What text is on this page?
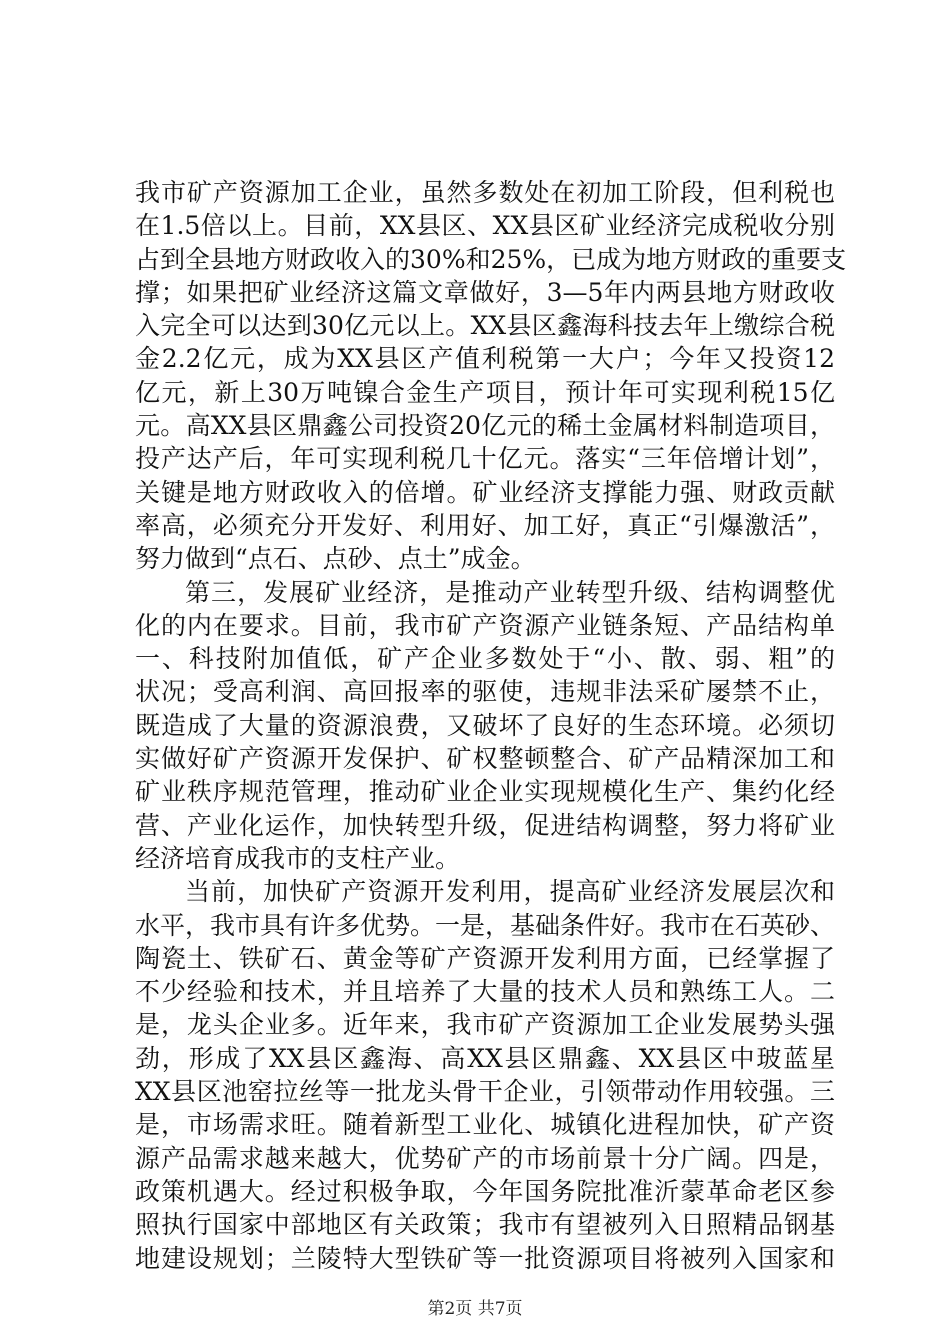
我市矿产资源加工企业，虽然多数处在初加工阶段，但利税也
在1.5倍以上。目前，XX县区、XX县区矿业经济完成税收分别
占到全县地方财政收入的30%和25%，已成为地方财政的重要支
撑；如果把矿业经济这篇文章做好，3—5年内两县地方财政收
入完全可以达到30亿元以上。XX县区鑫海科技去年上缴综合税
金2.2亿元，成为XX县区产值利税第一大户；今年又投资12
亿元，新上30万吨镍合金生产项目，预计年可实现利税15亿
元。高XX县区鼎鑫公司投资20亿元的稀土金属材料制造项目，
投产达产后，年可实现利税几十亿元。落实“三年倍增计划”，
关键是地方财政收入的倍增。矿业经济支撑能力强、财政贡献
率高，必须充分开发好、利用好、加工好，真正“引爆激活”，
努力做到“点石、点砂、点土”成金。
第三，发展矿业经济，是推动产业转型升级、结构调整优
化的内在要求。目前，我市矿产资源产业链条短、产品结构单
一、科技附加值低，矿产企业多数处于“小、散、弱、粗”的
状况；受高利润、高回报率的驱使，违规非法采矿屡禁不止，
既造成了大量的资源浪费，又破坏了良好的生态环境。必须切
实做好矿产资源开发保护、矿权整顿整合、矿产品精深加工和
矿业秩序规范管理，推动矿业企业实现规模化生产、集约化经
营、产业化运作，加快转型升级，促进结构调整，努力将矿业
经济培育成我市的支柱产业。
当前，加快矿产资源开发利用，提高矿业经济发展层次和
水平，我市具有许多优势。一是，基础条件好。我市在石英砂、
陶瓷土、铁矿石、黄金等矿产资源开发利用方面，已经掌握了
不少经验和技术，并且培养了大量的技术人员和熟练工人。二
是，龙头企业多。近年来，我市矿产资源加工企业发展势头强
劲，形成了XX县区鑫海、高XX县区鼎鑫、XX县区中玻蓝星
XX县区池窑拉丝等一批龙头骨干企业，引领带动作用较强。三
是，市场需求旺。随着新型工业化、城镇化进程加快，矿产资
源产品需求越来越大，优势矿产的市场前景十分广阔。四是，
政策机遇大。经过积极争取，今年国务院批准沂蒙革命老区参
照执行国家中部地区有关政策；我市有望被列入日照精品钢基
地建设规划；兰陵特大型铁矿等一批资源项目将被列入国家和
第2页 共7页
